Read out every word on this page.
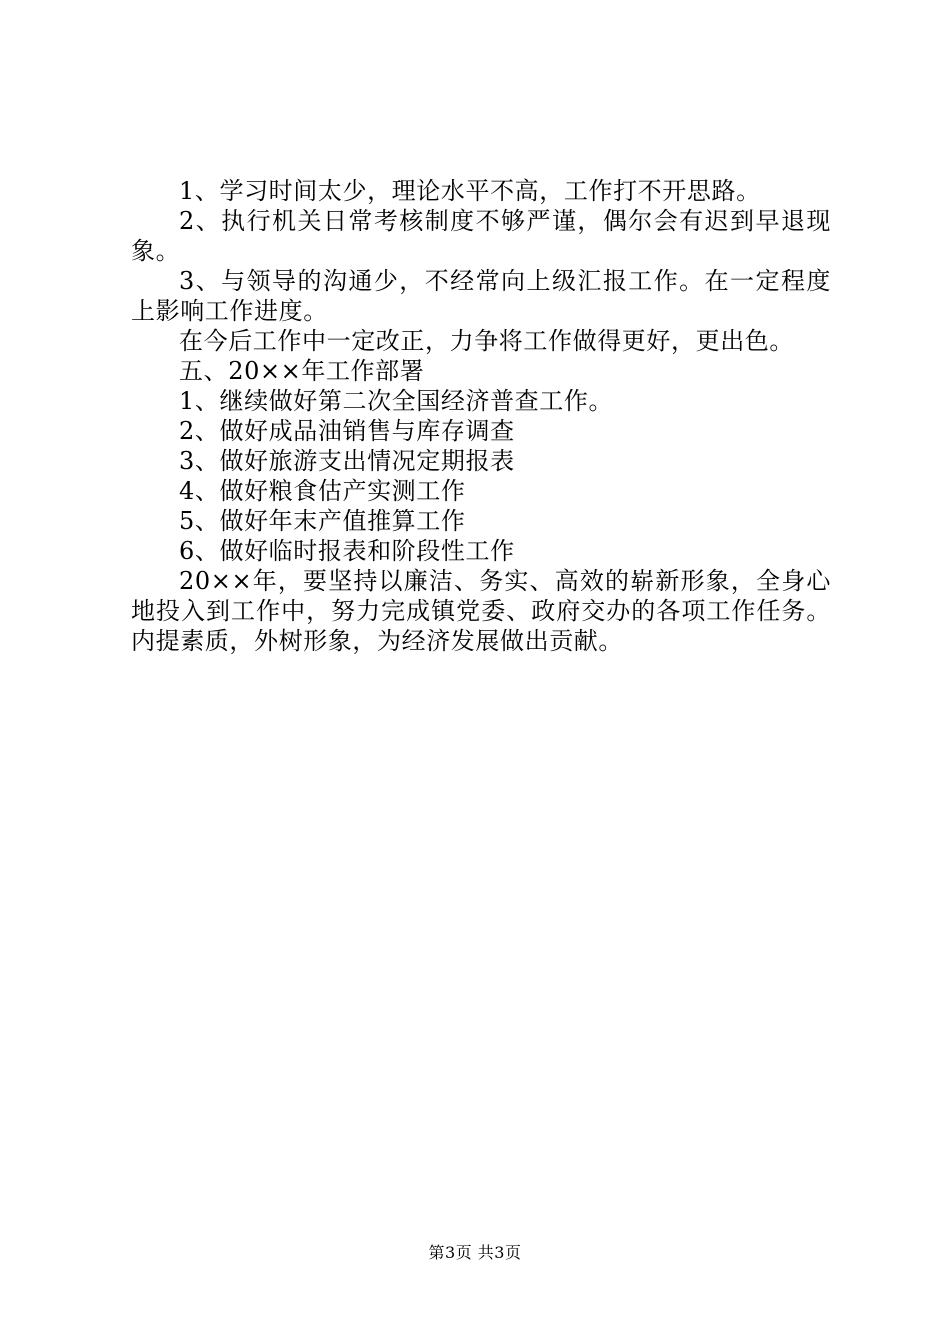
1、学习时间太少，理论水平不高，工作打不开思路。

2、执行机关日常考核制度不够严谨，偶尔会有迟到早退现象。

3、与领导的沟通少，不经常向上级汇报工作。在一定程度上影响工作进度。

在今后工作中一定改正，力争将工作做得更好，更出色。

五、20××年工作部署

1、继续做好第二次全国经济普查工作。

2、做好成品油销售与库存调查

3、做好旅游支出情况定期报表

4、做好粮食估产实测工作

5、做好年末产值推算工作

6、做好临时报表和阶段性工作

20××年，要坚持以廉洁、务实、高效的崭新形象，全身心地投入到工作中，努力完成镇党委、政府交办的各项工作任务。内提素质，外树形象，为经济发展做出贡献。

第3页 共3页
